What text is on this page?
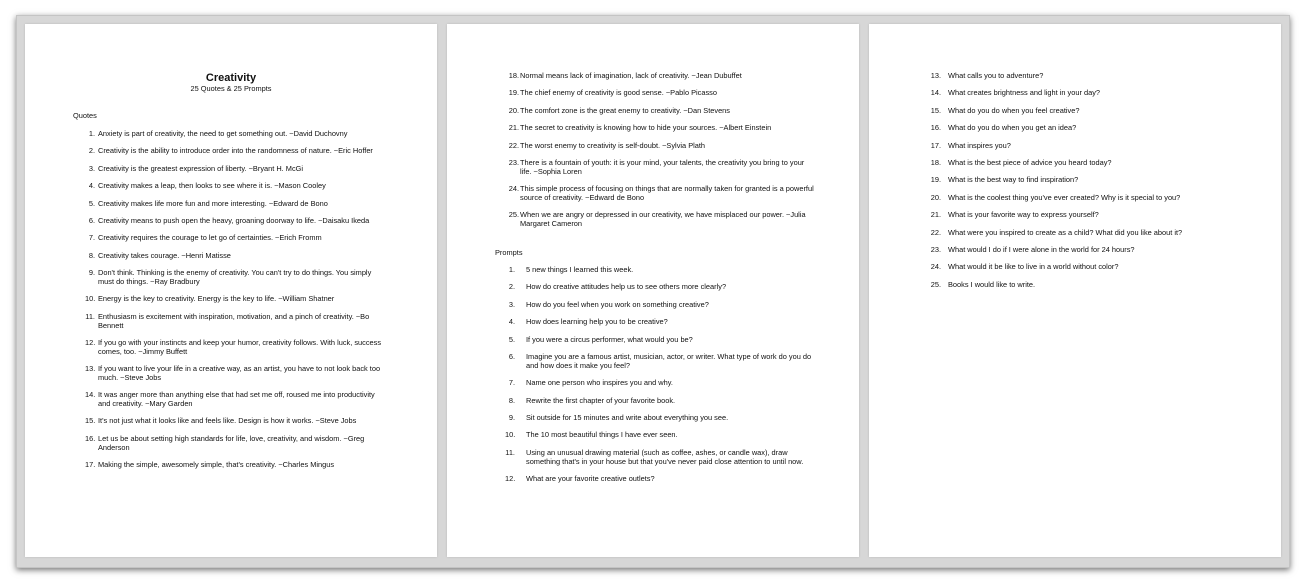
Creativity
25 Quotes & 25 Prompts
Quotes
1. Anxiety is part of creativity, the need to get something out. ~David Duchovny
2. Creativity is the ability to introduce order into the randomness of nature. ~Eric Hoffer
3. Creativity is the greatest expression of liberty. ~Bryant H. McGi
4. Creativity makes a leap, then looks to see where it is. ~Mason Cooley
5. Creativity makes life more fun and more interesting. ~Edward de Bono
6. Creativity means to push open the heavy, groaning doorway to life. ~Daisaku Ikeda
7. Creativity requires the courage to let go of certainties. ~Erich Fromm
8. Creativity takes courage. ~Henri Matisse
9. Don't think. Thinking is the enemy of creativity. You can't try to do things. You simply must do things. ~Ray Bradbury
10. Energy is the key to creativity. Energy is the key to life. ~William Shatner
11. Enthusiasm is excitement with inspiration, motivation, and a pinch of creativity. ~Bo Bennett
12. If you go with your instincts and keep your humor, creativity follows. With luck, success comes, too. ~Jimmy Buffett
13. If you want to live your life in a creative way, as an artist, you have to not look back too much. ~Steve Jobs
14. It was anger more than anything else that had set me off, roused me into productivity and creativity. ~Mary Garden
15. It's not just what it looks like and feels like. Design is how it works. ~Steve Jobs
16. Let us be about setting high standards for life, love, creativity, and wisdom. ~Greg Anderson
17. Making the simple, awesomely simple, that's creativity. ~Charles Mingus
18. Normal means lack of imagination, lack of creativity. ~Jean Dubuffet
19. The chief enemy of creativity is good sense. ~Pablo Picasso
20. The comfort zone is the great enemy to creativity. ~Dan Stevens
21. The secret to creativity is knowing how to hide your sources. ~Albert Einstein
22. The worst enemy to creativity is self-doubt. ~Sylvia Plath
23. There is a fountain of youth: it is your mind, your talents, the creativity you bring to your life. ~Sophia Loren
24. This simple process of focusing on things that are normally taken for granted is a powerful source of creativity. ~Edward de Bono
25. When we are angry or depressed in our creativity, we have misplaced our power. ~Julia Margaret Cameron
Prompts
1.	5 new things I learned this week.
2.	How do creative attitudes help us to see others more clearly?
3.	How do you feel when you work on something creative?
4.	How does learning help you to be creative?
5.	If you were a circus performer, what would you be?
6.	Imagine you are a famous artist, musician, actor, or writer. What type of work do you do and how does it make you feel?
7.	Name one person who inspires you and why.
8.	Rewrite the first chapter of your favorite book.
9.	Sit outside for 15 minutes and write about everything you see.
10.	The 10 most beautiful things I have ever seen.
11.	Using an unusual drawing material (such as coffee, ashes, or candle wax), draw something that's in your house but that you've never paid close attention to until now.
12.	What are your favorite creative outlets?
13. What calls you to adventure?
14. What creates brightness and light in your day?
15. What do you do when you feel creative?
16. What do you do when you get an idea?
17. What inspires you?
18. What is the best piece of advice you heard today?
19. What is the best way to find inspiration?
20. What is the coolest thing you've ever created? Why is it special to you?
21. What is your favorite way to express yourself?
22. What were you inspired to create as a child? What did you like about it?
23. What would I do if I were alone in the world for 24 hours?
24. What would it be like to live in a world without color?
25. Books I would like to write.
